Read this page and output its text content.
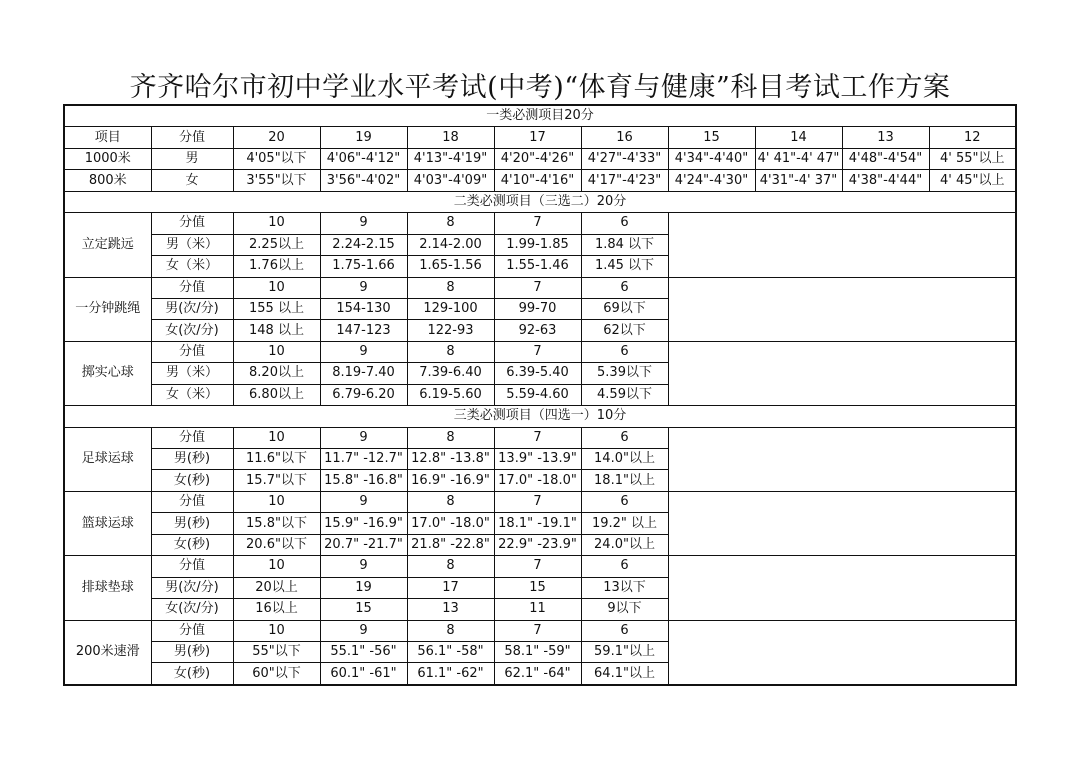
齐齐哈尔市初中学业水平考试(中考)“体育与健康”科目考试工作方案
一类必测项目20分										
项目	分值	20	19	18	17	16	15	14	13	12
1000米	男	4'05"以下	4'06"-4'12"	4'13"-4'19"	4'20"-4'26"	4'27"-4'33"	4'34"-4'40"	4' 41"-4' 47"	4'48"-4'54"	4' 55"以上
800米	女	3'55"以下	3'56"-4'02"	4'03"-4'09"	4'10"-4'16"	4'17"-4'23"	4'24"-4'30"	4'31"-4' 37"	4'38"-4'44"	4' 45"以上
二类必测项目（三选二）20分										
立定跳远	分值	10	9	8	7	6				
	男（米）	2.25以上	2.24-2.15	2.14-2.00	1.99-1.85	1.84 以下				
	女（米）	1.76以上	1.75-1.66	1.65-1.56	1.55-1.46	1.45 以下				
一分钟跳绳	分值	10	9	8	7	6				
	男(次/分)	155 以上	154-130	129-100	99-70	69以下				
	女(次/分)	148 以上	147-123	122-93	92-63	62以下				
掷实心球	分值	10	9	8	7	6				
	男（米）	8.20以上	8.19-7.40	7.39-6.40	6.39-5.40	5.39以下				
	女（米）	6.80以上	6.79-6.20	6.19-5.60	5.59-4.60	4.59以下				
三类必测项目（四选一）10分										
足球运球	分值	10	9	8	7	6				
	男(秒)	11.6"以下	11.7" -12.7"	12.8" -13.8"	13.9" -13.9"	14.0"以上				
	女(秒)	15.7"以下	15.8" -16.8"	16.9" -16.9"	17.0" -18.0"	18.1"以上				
篮球运球	分值	10	9	8	7	6				
	男(秒)	15.8"以下	15.9" -16.9"	17.0" -18.0"	18.1" -19.1"	19.2" 以上				
	女(秒)	20.6"以下	20.7" -21.7"	21.8" -22.8"	22.9" -23.9"	24.0"以上				
排球垫球	分值	10	9	8	7	6				
	男(次/分)	20以上	19	17	15	13以下				
	女(次/分)	16以上	15	13	11	9以下				
200米速滑	分值	10	9	8	7	6				
	男(秒)	55"以下	55.1" -56"	56.1" -58"	58.1" -59"	59.1"以上				
	女(秒)	60"以下	60.1" -61"	61.1" -62"	62.1" -64"	64.1"以上				
